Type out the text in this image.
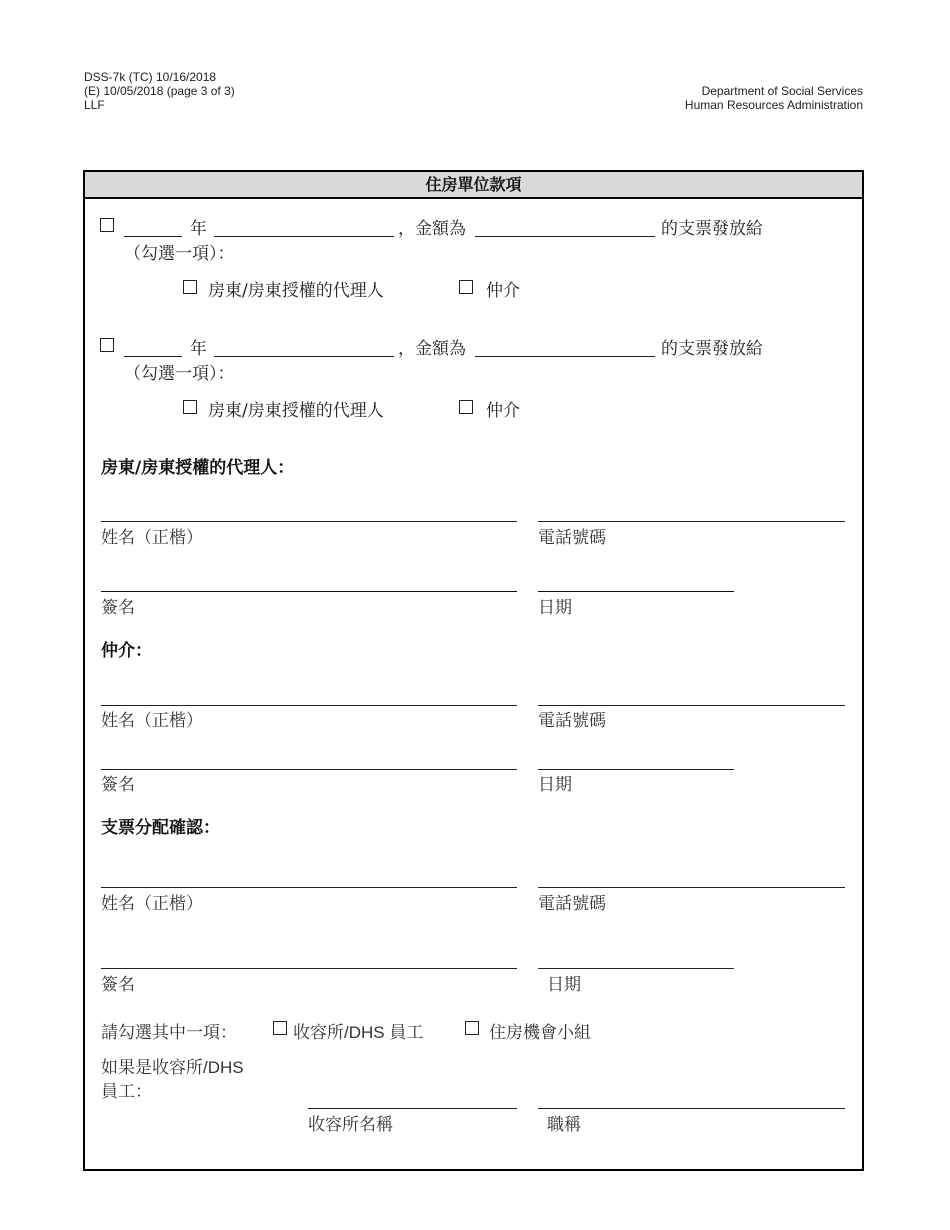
DSS-7k (TC) 10/16/2018
(E) 10/05/2018 (page 3 of 3)
LLF
Department of Social Services
Human Resources Administration
住房單位款項
年	，金額為	的支票發放給
（勾選一項）：
房東/房東授權的代理人	仲介
年	，金額為	的支票發放給
（勾選一項）：
房東/房東授權的代理人	仲介
房東/房東授權的代理人：
姓名（正楷）	電話號碼
簽名	日期
仲介：
姓名（正楷）	電話號碼
簽名	日期
支票分配確認：
姓名（正楷）	電話號碼
簽名	日期
請勾選其中一項：	收容所/DHS 員工	住房機會小組
如果是收容所/DHS
員工：
收容所名稱	職稱
